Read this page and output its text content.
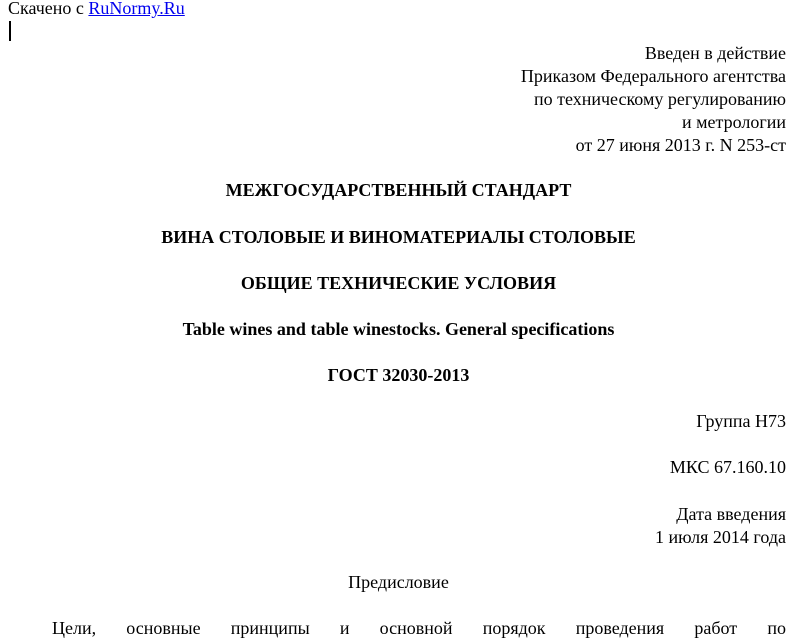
Скачено с RuNormy.Ru
Введен в действие
Приказом Федерального агентства
по техническому регулированию
и метрологии
от 27 июня 2013 г. N 253-ст
МЕЖГОСУДАРСТВЕННЫЙ СТАНДАРТ
ВИНА СТОЛОВЫЕ И ВИНОМАТЕРИАЛЫ СТОЛОВЫЕ
ОБЩИЕ ТЕХНИЧЕСКИЕ УСЛОВИЯ
Table wines and table winestocks. General specifications
ГОСТ 32030-2013
Группа Н73
МКС 67.160.10
Дата введения
1 июля 2014 года
Предисловие
Цели, основные принципы и основной порядок проведения работ по
